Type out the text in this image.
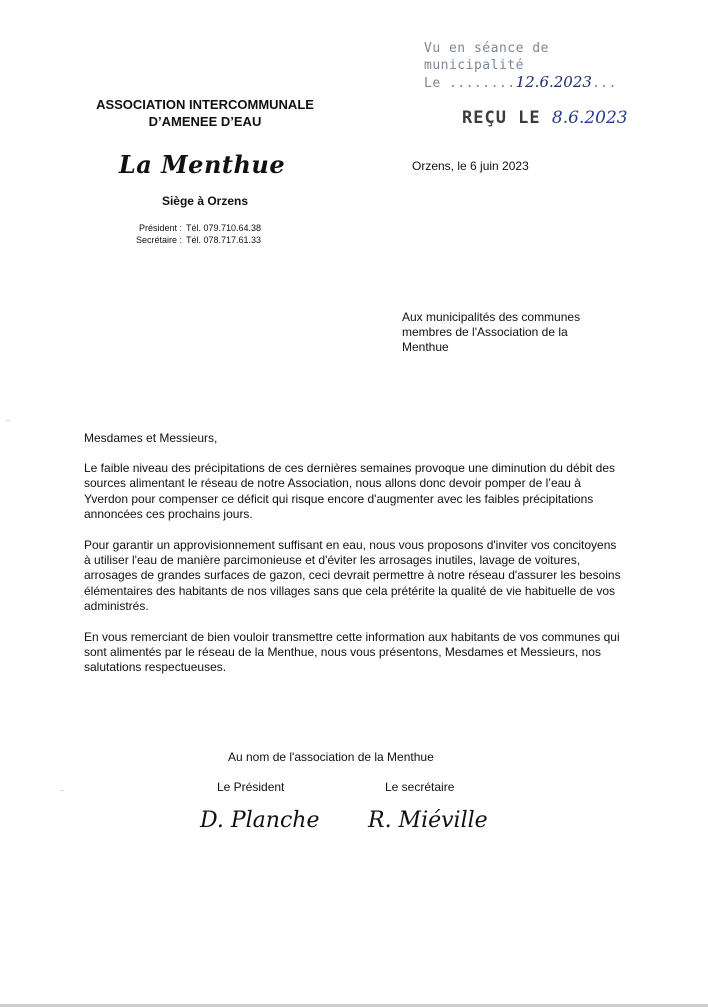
Vu en séance de
municipalité
Le ........12.6.2023...
REÇU LE 8.6.2023
ASSOCIATION INTERCOMMUNALE
D’AMENEE D’EAU
La Menthue
Siège à Orzens
Président : Tél. 079.710.64.38
Secrétaire : Tél. 078.717.61.33
Orzens, le 6 juin 2023
Aux municipalités des communes
membres de l'Association de la
Menthue

Mesdames et Messieurs,

Le faible niveau des précipitations de ces dernières semaines provoque une diminution du débit des sources alimentant le réseau de notre Association, nous allons donc devoir pomper de l’eau à Yverdon pour compenser ce déficit qui risque encore d'augmenter avec les faibles précipitations annoncées ces prochains jours.

Pour garantir un approvisionnement suffisant en eau, nous vous proposons d'inviter vos concitoyens à utiliser l'eau de manière parcimonieuse et d'éviter les arrosages inutiles, lavage de voitures, arrosages de grandes surfaces de gazon, ceci devrait permettre à notre réseau d'assurer les besoins élémentaires des habitants de nos villages sans que cela prétérite la qualité de vie habituelle de vos administrés.

En vous remerciant de bien vouloir transmettre cette information aux habitants de vos communes qui sont alimentés par le réseau de la Menthue, nous vous présentons, Mesdames et Messieurs, nos salutations respectueuses.

Au nom de l'association de la Menthue
Le Président	Le secrétaire
D. Planche R. Miéville
